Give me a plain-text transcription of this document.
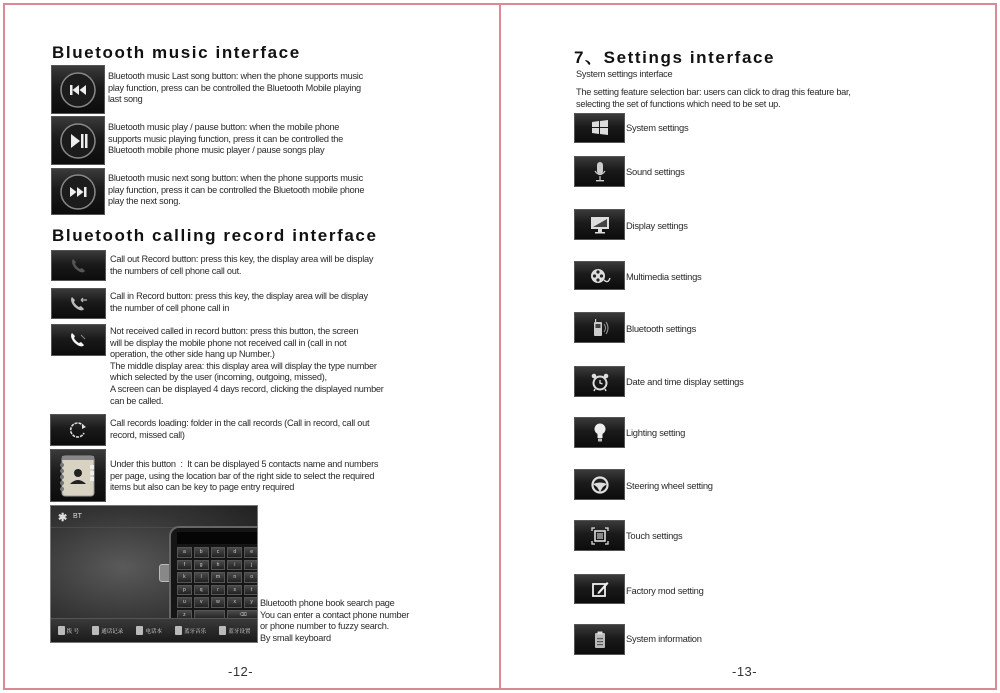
Bluetooth music interface

Bluetooth music Last song button: when the phone supports music

play function, press can be controlled the Bluetooth Mobile playing

last song

Bluetooth music play / pause button: when the mobile phone

supports music playing function, press it can be controlled the

Bluetooth mobile phone music player / pause songs play

Bluetooth music next song button: when the phone supports music

play function, press it can be controlled the Bluetooth mobile phone

play the next song.

Bluetooth calling record interface

Call out Record button: press this key, the display area will be display

the numbers of cell phone call out.

Call in Record button: press this key, the display area will be display

the number of cell phone call in

Not received called in record button: press this button, the screen

will be display the mobile phone not received call in (call in not

operation, the other side hang up Number.)

The middle display area: this display area will display the type number

which selected by the user (incoming, outgoing, missed),

A screen can be displayed 4 days record, clicking the displayed number

can be called.

Call records loading: folder in the call records (Call in record, call out

record, missed call)

Under this button  :  It can be displayed 5 contacts name and numbers

per page, using the location bar of the right side to select the required

items but also can be key to page entry required

✱ BT
a	b	c	d	e
f	g	h	i	j
k	l	m	n	o
p	q	r	s	t
u	v	w	x	y
z	⌫
拨 号	通话记录	电话本	蓝牙音乐	蓝牙设置

Bluetooth phone book search page

You can enter a contact phone number

or phone number to fuzzy search.

By small keyboard

-12-
7、Settings interface
System settings interface

The setting feature selection bar: users can click to drag this feature bar,

selecting the set of functions which need to be set up.

System settings
Sound settings
Display settings
Multimedia settings
Bluetooth settings
Date and time display settings
Lighting setting
Steering wheel setting
Touch settings
Factory mod setting
System information
-13-
